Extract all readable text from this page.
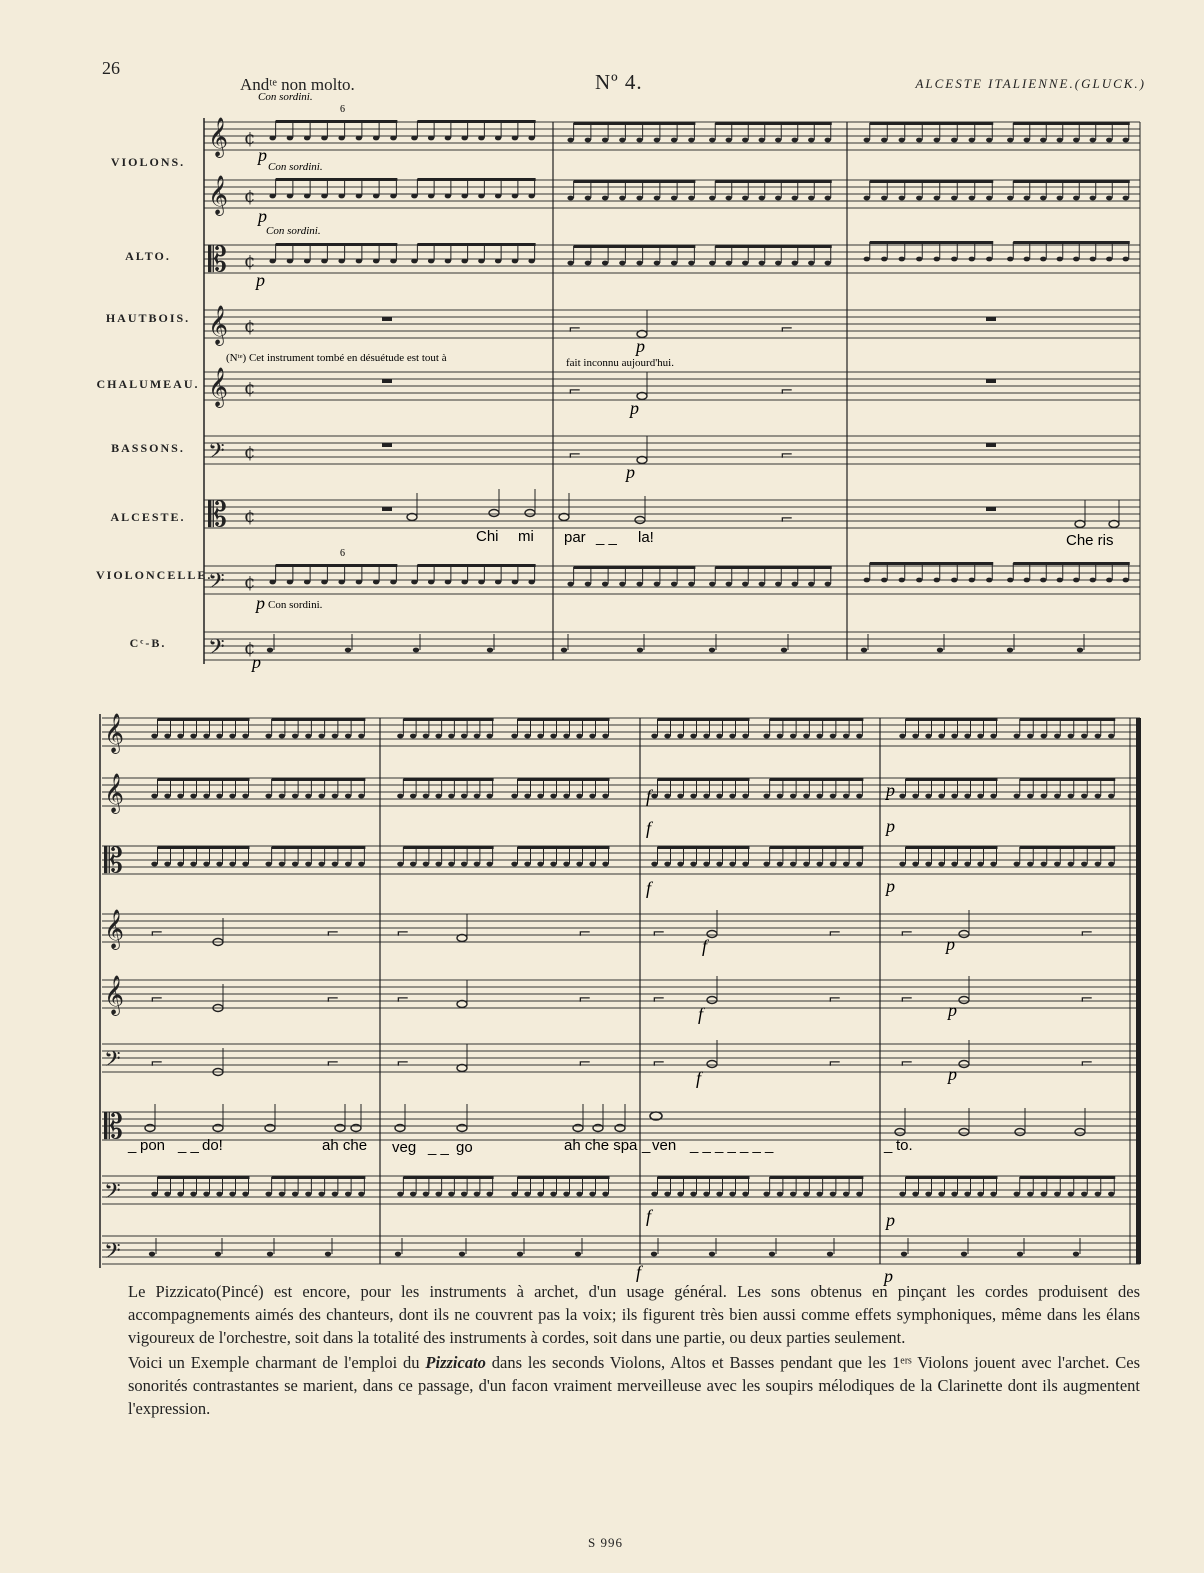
26
Andᵗᵉ non molto.	Nº 4.	ALCESTE ITALIENNE.(GLUCK.)
VIOLONS.
ALTO.
HAUTBOIS.
CHALUMEAU.
BASSONS.
ALCESTE.
VIOLONCELLE.
Cᶜ-B.
𝄞 ¢
𝄞 ¢
𝄡 ¢
𝄞 ¢
𝄞 ¢
𝄢 ¢
𝄡 ¢
𝄢 ¢
𝄢 ¢
⌐	⌐
⌐	⌐
⌐	⌐
⌐
𝄞
𝄞
𝄡
𝄞
𝄞
𝄢
𝄡
𝄢
𝄢
⌐	⌐	⌐	⌐	⌐	⌐	⌐	⌐
⌐	⌐	⌐	⌐	⌐	⌐	⌐	⌐
⌐	⌐	⌐	⌐	⌐	⌐	⌐	⌐
Con sordini.
p
Con sordini.
p
Con sordini.
p
6
6
(Nᵗᵉ) Cet instrument tombé en désuétude est tout à	fait inconnu aujourd'hui.
p
p
p
Chi mi par _ _ la!	Che ris
p Con sordini.
p
f	p
f	p
f	p
f	p
f	p
f	p
f	p
f	p
_ pon _ _ do!	ah che veg _ _ go	ah che spa _ ven _ _ _ _ _ _ _	_ to.

Le Pizzicato(Pincé) est encore, pour les instruments à archet, d'un usage général. Les sons obtenus en pinçant les cordes produisent des accompagnements aimés des chanteurs, dont ils ne couvrent pas la voix; ils figurent très bien aussi comme effets symphoniques, même dans les élans vigoureux de l'orchestre, soit dans la totalité des instruments à cordes, soit dans une partie, ou deux parties seulement.

Voici un Exemple charmant de l'emploi du Pizzicato dans les seconds Violons, Altos et Basses pendant que les 1ᵉʳˢ Violons jouent avec l'archet. Ces sonorités contrastantes se marient, dans ce passage, d'un facon vraiment merveilleuse avec les soupirs mélodiques de la Clarinette dont ils augmentent l'expression.

S 996
